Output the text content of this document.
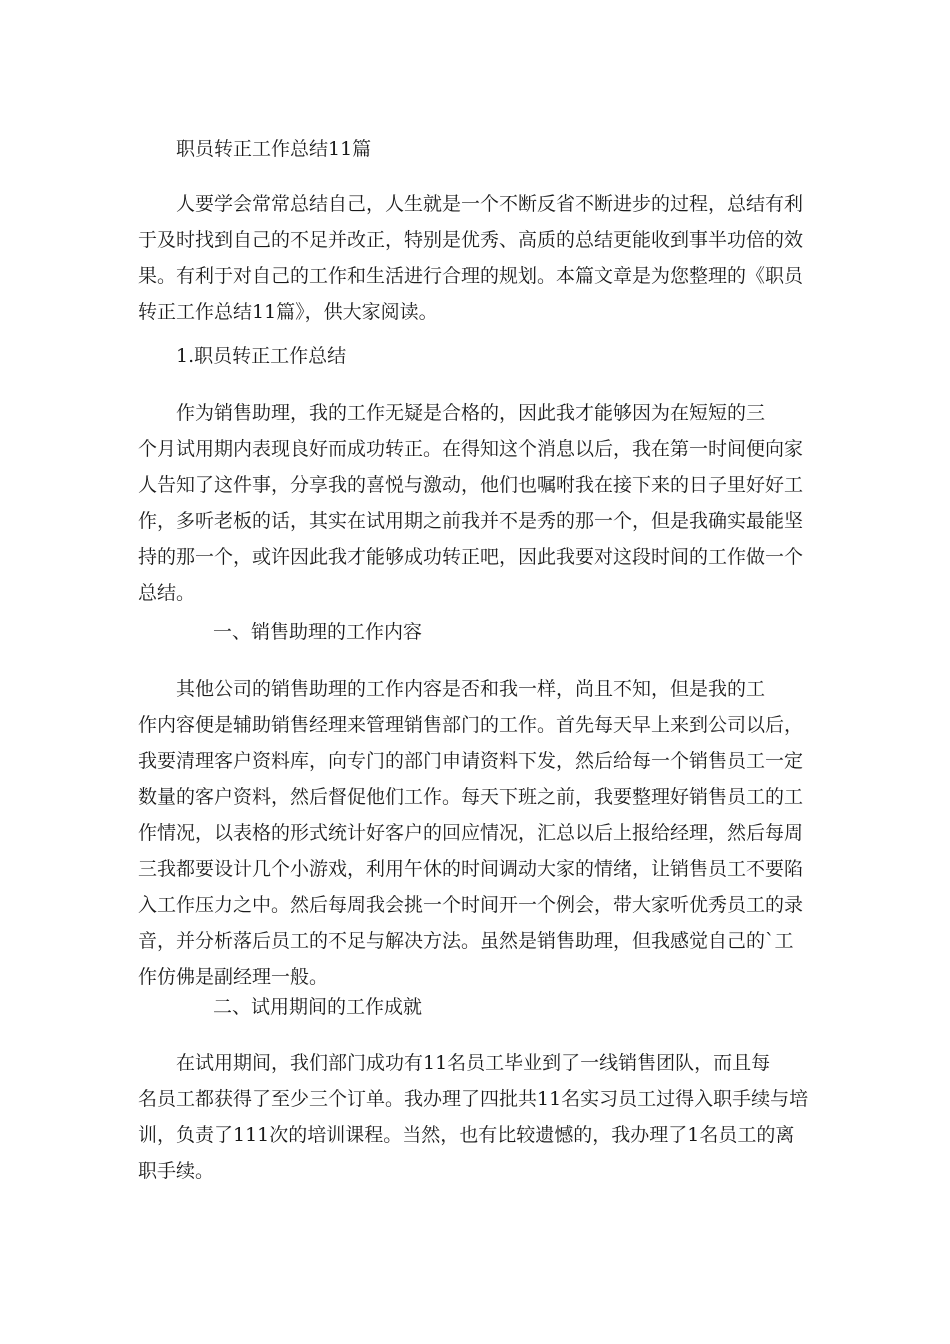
职员转正工作总结11篇

　　人要学会常常总结自己，人生就是一个不断反省不断进步的过程，总结有利
于及时找到自己的不足并改正，特别是优秀、高质的总结更能收到事半功倍的效
果。有利于对自己的工作和生活进行合理的规划。本篇文章是为您整理的《职员
转正工作总结11篇》，供大家阅读。

1.职员转正工作总结

　　作为销售助理，我的工作无疑是合格的，因此我才能够因为在短短的三
个月试用期内表现良好而成功转正。在得知这个消息以后，我在第一时间便向家
人告知了这件事，分享我的喜悦与激动，他们也嘱咐我在接下来的日子里好好工
作，多听老板的话，其实在试用期之前我并不是秀的那一个，但是我确实最能坚
持的那一个，或许因此我才能够成功转正吧，因此我要对这段时间的工作做一个
总结。

一、销售助理的工作内容

　　其他公司的销售助理的工作内容是否和我一样，尚且不知，但是我的工
作内容便是辅助销售经理来管理销售部门的工作。首先每天早上来到公司以后，
我要清理客户资料库，向专门的部门申请资料下发，然后给每一个销售员工一定
数量的客户资料，然后督促他们工作。每天下班之前，我要整理好销售员工的工
作情况，以表格的形式统计好客户的回应情况，汇总以后上报给经理，然后每周
三我都要设计几个小游戏，利用午休的时间调动大家的情绪，让销售员工不要陷
入工作压力之中。然后每周我会挑一个时间开一个例会，带大家听优秀员工的录
音，并分析落后员工的不足与解决方法。虽然是销售助理，但我感觉自己的`工
作仿佛是副经理一般。

二、试用期间的工作成就

　　在试用期间，我们部门成功有11名员工毕业到了一线销售团队，而且每
名员工都获得了至少三个订单。我办理了四批共11名实习员工过得入职手续与培
训，负责了111次的培训课程。当然，也有比较遗憾的，我办理了1名员工的离
职手续。
